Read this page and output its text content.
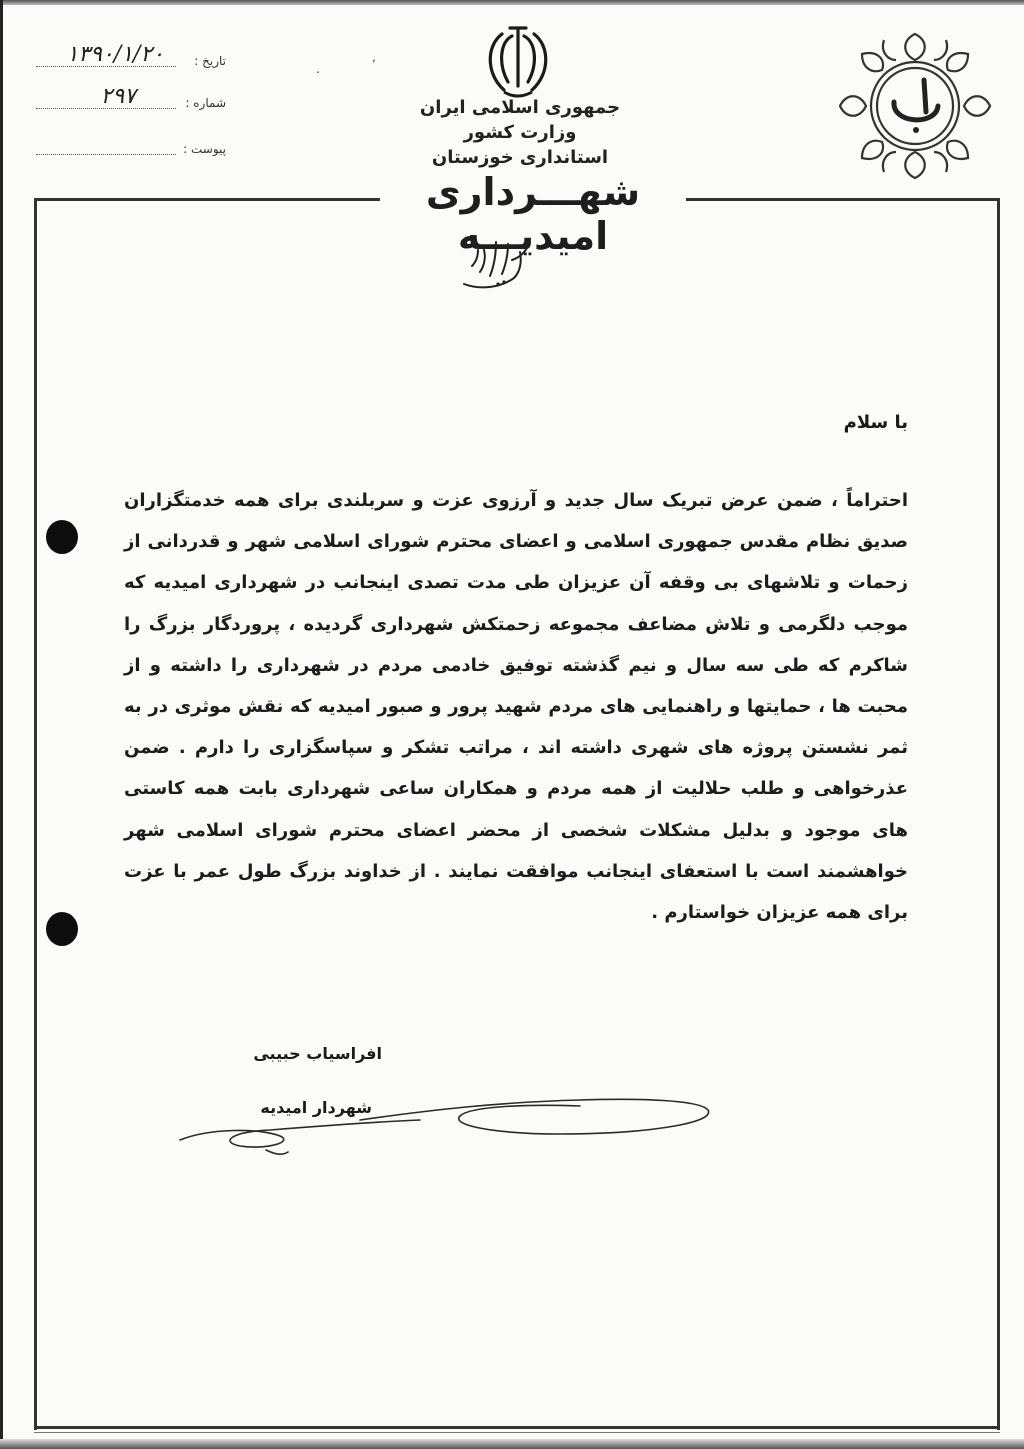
تاریخ :
۱۳۹۰/۱/۲۰
شماره :
۲۹۷
پیوست :
.
,
جمهوری اسلامی ایران
وزارت کشور
استانداری خوزستان
شهـــرداری امیدیـــه
با سلام
احتراماً ، ضمن عرض تبریک سال جدید و آرزوی عزت و سربلندی برای همه خدمتگزاران صدیق نظام مقدس جمهوری اسلامی و اعضای محترم شورای اسلامی شهر و قدردانی از زحمات و تلاشهای بی وقفه آن عزیزان طی مدت تصدی اینجانب در شهرداری امیدیه که موجب دلگرمی و تلاش مضاعف مجموعه زحمتکش شهرداری گردیده ، پروردگار بزرگ را شاکرم که طی سه سال و نیم گذشته توفیق خادمی مردم در شهرداری را داشته و از محبت ها ، حمایتها و راهنمایی های مردم شهید پرور و صبور امیدیه که نقش موثری در به ثمر نشستن پروژه های شهری داشته اند ، مراتب تشکر و سپاسگزاری را دارم . ضمن عذرخواهی و طلب حلالیت از همه مردم و همکاران ساعی شهرداری بابت همه کاستی های موجود و بدلیل مشکلات شخصی از محضر اعضای محترم شورای اسلامی شهر خواهشمند است با استعفای اینجانب موافقت نمایند . از خداوند بزرگ طول عمر با عزت برای همه عزیزان خواستارم .
افراسیاب حبیبی
شهردار امیدیه
